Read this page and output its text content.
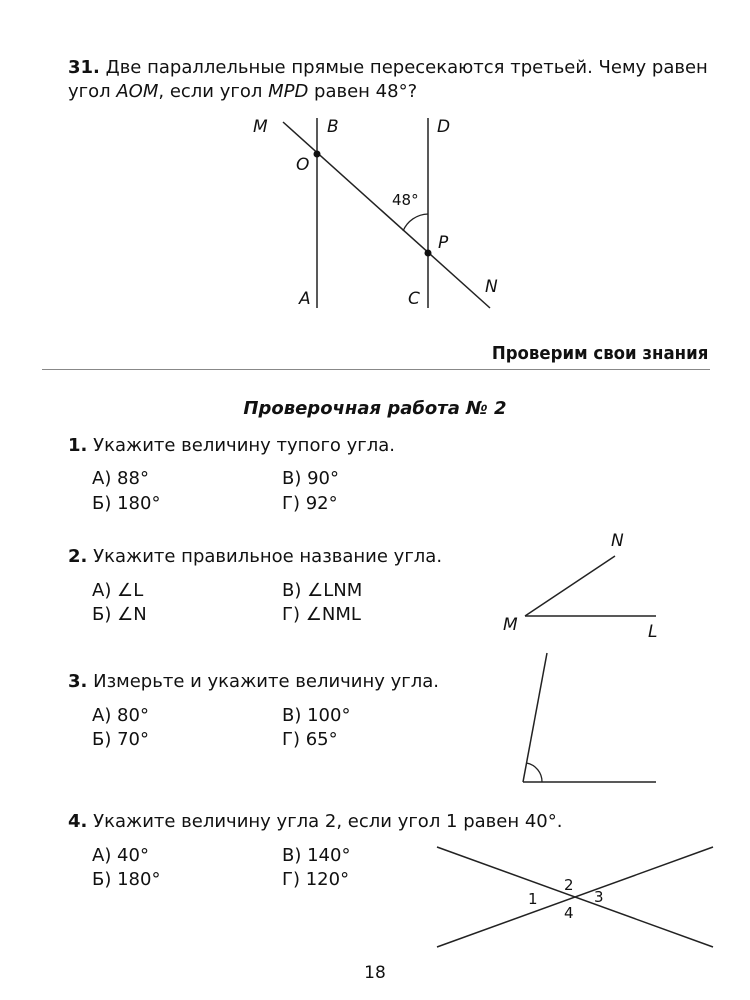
31. Две параллельные прямые пересекаются третьей. Чему равен
угол AOM, если угол MPD равен 48°?
M	B	D
O
48°
P
N
A	C
Проверим свои знания
Проверочная работа № 2
1. Укажите величину тупого угла.
А) 88°	В) 90°
Б) 180°	Г) 92°
2. Укажите правильное название угла.
А) ∠L	В) ∠LNM
Б) ∠N	Г) ∠NML
N
M	L
3. Измерьте и укажите величину угла.
А) 80°	В) 100°
Б) 70°	Г) 65°
4. Укажите величину угла 2, если угол 1 равен 40°.
А) 40°	В) 140°
Б) 180°	Г) 120°
1
2
3
4
18
